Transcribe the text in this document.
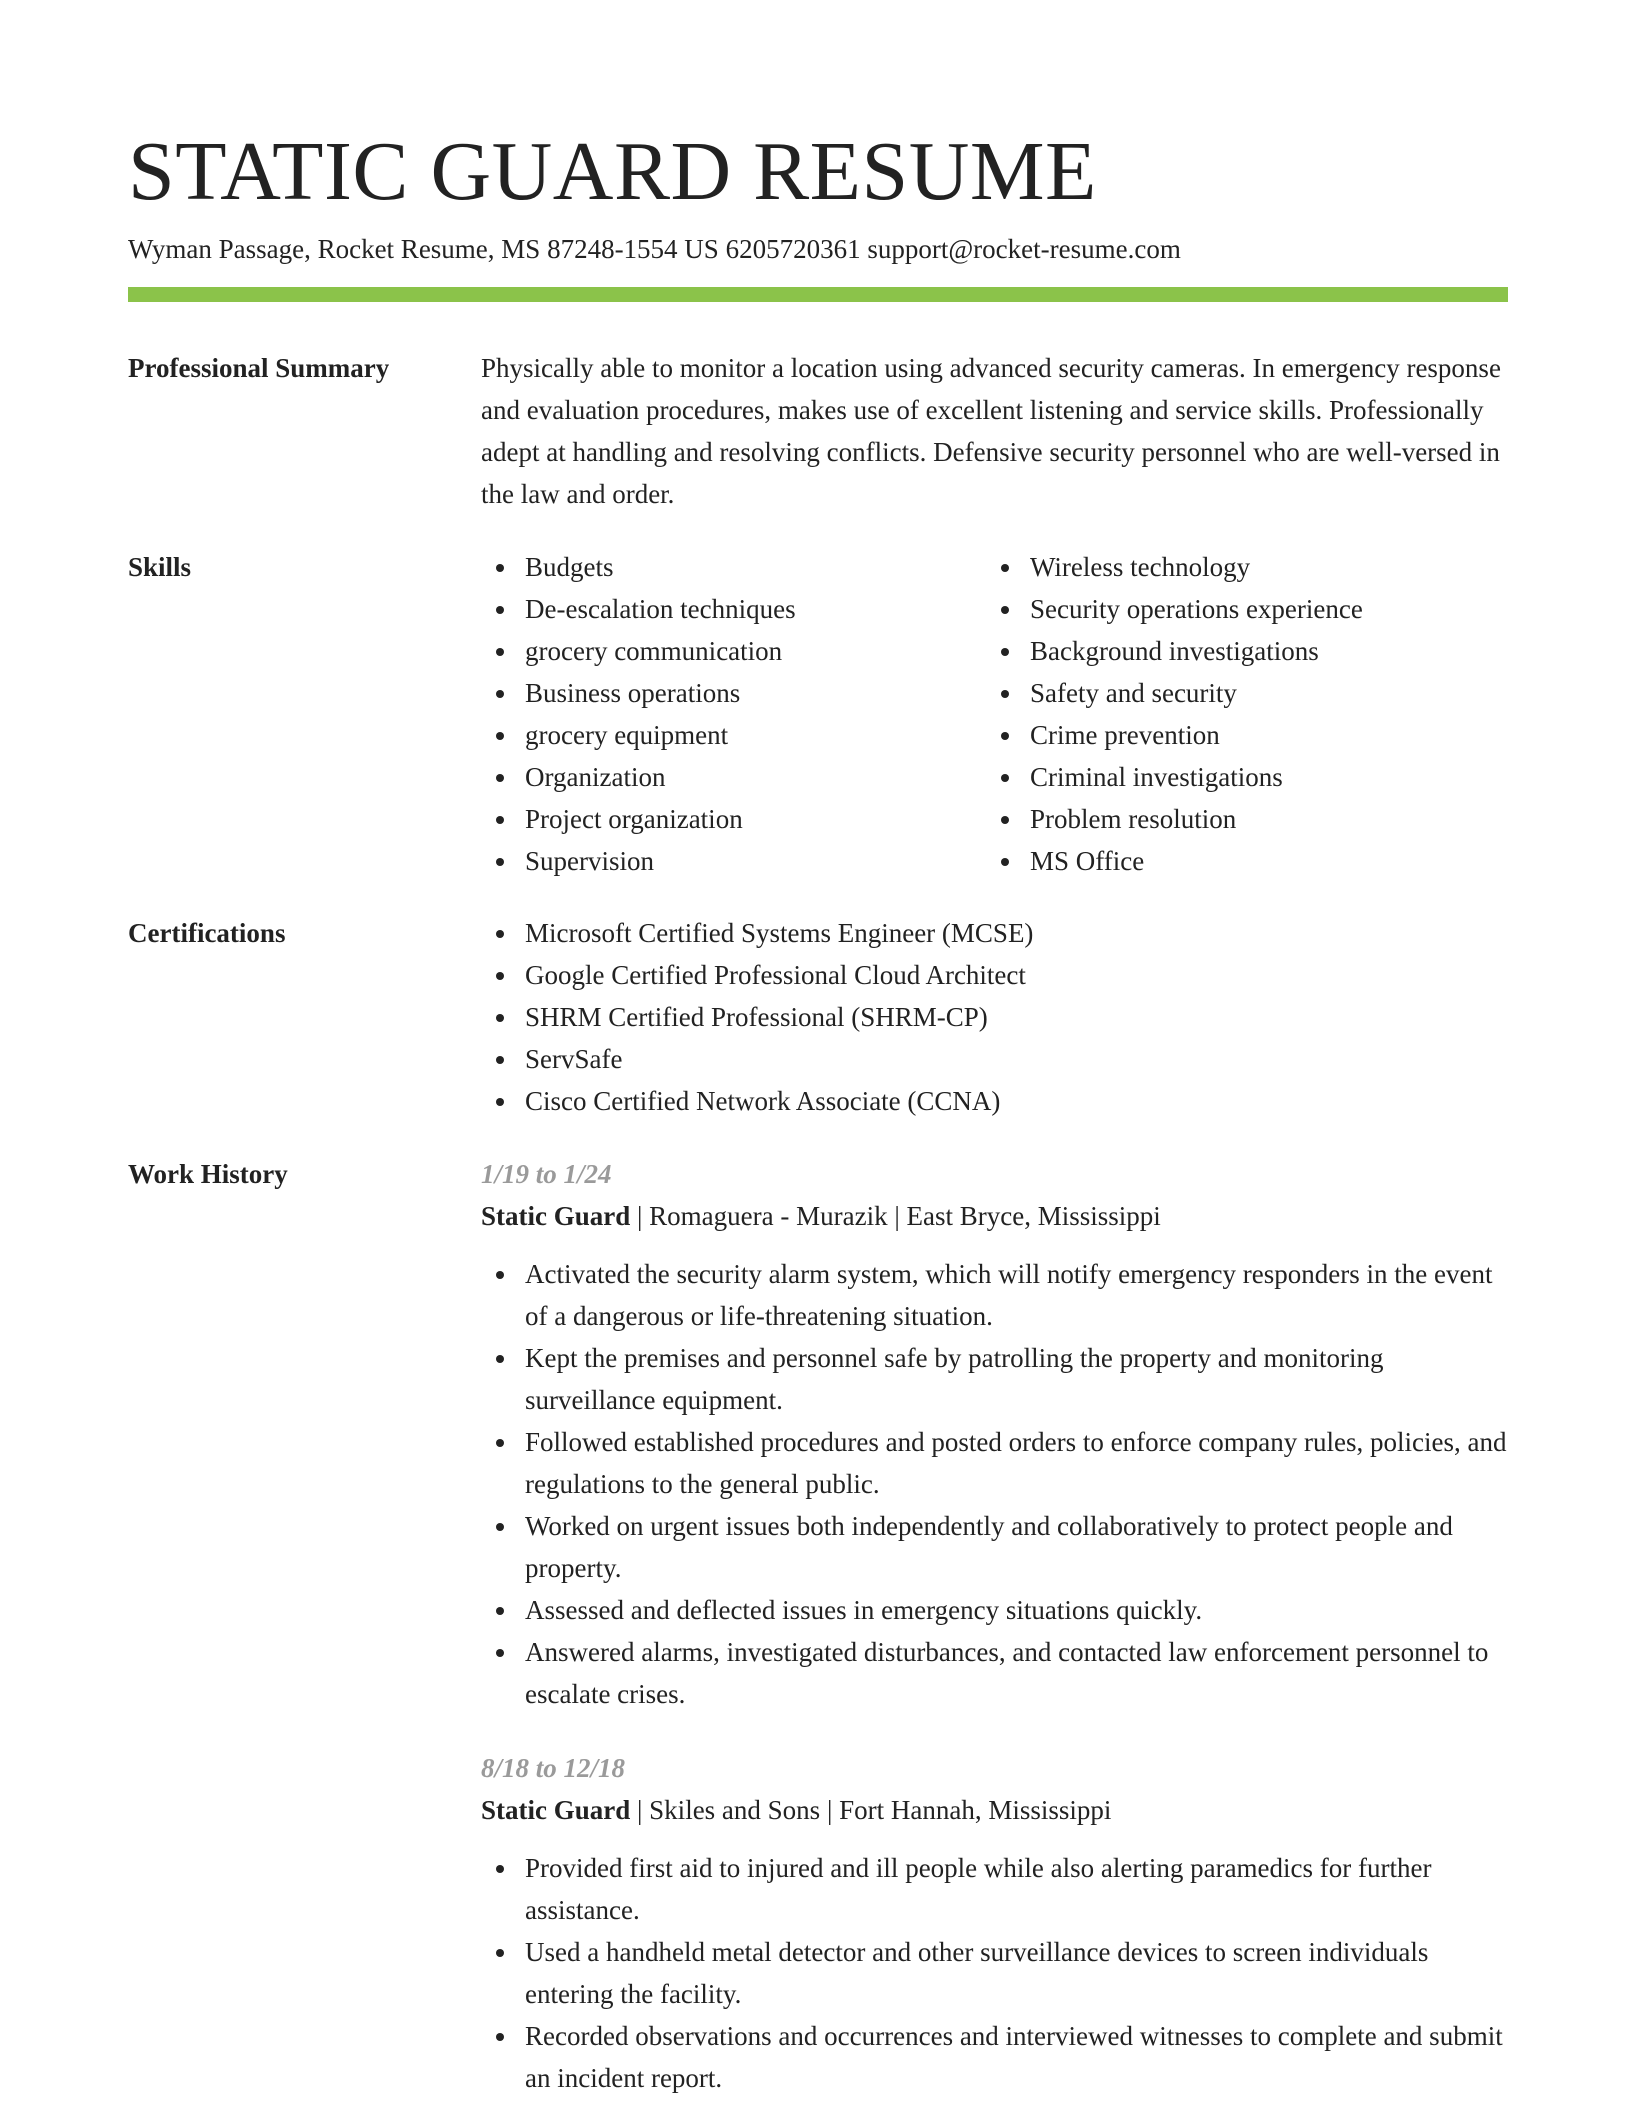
STATIC GUARD RESUME
Wyman Passage, Rocket Resume, MS 87248-1554 US 6205720361 support@rocket-resume.com
Professional Summary	Physically able to monitor a location using advanced security cameras. In emergency response and evaluation procedures, makes use of excellent listening and service skills. Professionally adept at handling and resolving conflicts. Defensive security personnel who are well-versed in the law and order.
Skills	Budgets
De-escalation techniques
grocery communication
Business operations
grocery equipment
Organization
Project organization
Supervision
Wireless technology
Security operations experience
Background investigations
Safety and security
Crime prevention
Criminal investigations
Problem resolution
MS Office
Certifications	Microsoft Certified Systems Engineer (MCSE)
Google Certified Professional Cloud Architect
SHRM Certified Professional (SHRM-CP)
ServSafe
Cisco Certified Network Associate (CCNA)
Work History	1/19 to 1/24
Static Guard | Romaguera - Murazik | East Bryce, Mississippi
Activated the security alarm system, which will notify emergency responders in the event of a dangerous or life-threatening situation.
Kept the premises and personnel safe by patrolling the property and monitoring surveillance equipment.
Followed established procedures and posted orders to enforce company rules, policies, and regulations to the general public.
Worked on urgent issues both independently and collaboratively to protect people and property.
Assessed and deflected issues in emergency situations quickly.
Answered alarms, investigated disturbances, and contacted law enforcement personnel to escalate crises.
8/18 to 12/18
Static Guard | Skiles and Sons | Fort Hannah, Mississippi
Provided first aid to injured and ill people while also alerting paramedics for further assistance.
Used a handheld metal detector and other surveillance devices to screen individuals entering the facility.
Recorded observations and occurrences and interviewed witnesses to complete and submit an incident report.
